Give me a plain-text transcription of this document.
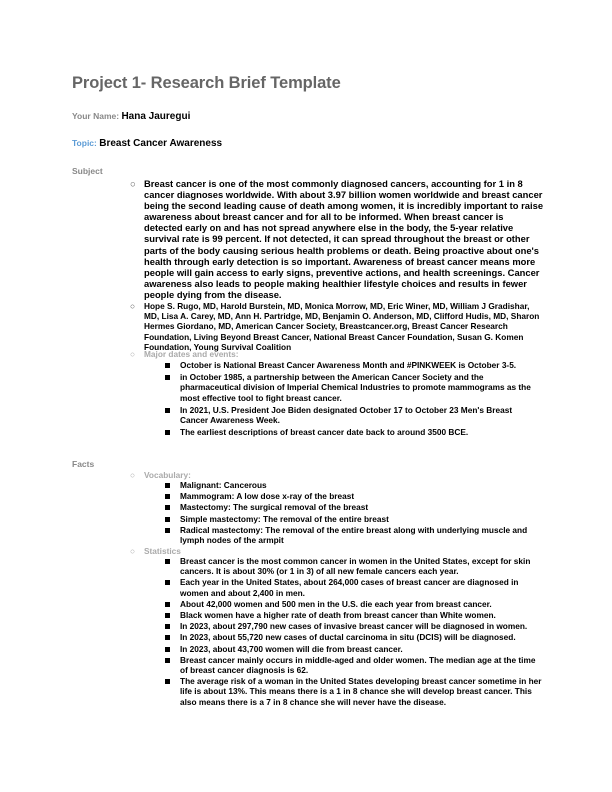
Project 1- Research Brief Template
Your Name: Hana Jauregui
Topic: Breast Cancer Awareness
Subject
○ Breast cancer is one of the most commonly diagnosed cancers, accounting for 1 in 8 cancer diagnoses worldwide. With about 3.97 billion women worldwide and breast cancer being the second leading cause of death among women, it is incredibly important to raise awareness about breast cancer and for all to be informed. When breast cancer is detected early on and has not spread anywhere else in the body, the 5-year relative survival rate is 99 percent. If not detected, it can spread throughout the breast or other parts of the body causing serious health problems or death. Being proactive about one's health through early detection is so important. Awareness of breast cancer means more people will gain access to early signs, preventive actions, and health screenings. Cancer awareness also leads to people making healthier lifestyle choices and results in fewer people dying from the disease.
○ Hope S. Rugo, MD, Harold Burstein, MD, Monica Morrow, MD, Eric Winer, MD, William J Gradishar, MD, Lisa A. Carey, MD, Ann H. Partridge, MD, Benjamin O. Anderson, MD, Clifford Hudis, MD, Sharon Hermes Giordano, MD, American Cancer Society, Breastcancer.org, Breast Cancer Research Foundation, Living Beyond Breast Cancer, National Breast Cancer Foundation, Susan G. Komen Foundation, Young Survival Coalition
○ Major dates and events:
October is National Breast Cancer Awareness Month and #PINKWEEK is October 3-5.
in October 1985, a partnership between the American Cancer Society and the pharmaceutical division of Imperial Chemical Industries to promote mammograms as the most effective tool to fight breast cancer.
In 2021, U.S. President Joe Biden designated October 17 to October 23 Men's Breast Cancer Awareness Week.
The earliest descriptions of breast cancer date back to around 3500 BCE.
Facts
○ Vocabulary:
Malignant: Cancerous
Mammogram: A low dose x-ray of the breast
Mastectomy: The surgical removal of the breast
Simple mastectomy: The removal of the entire breast
Radical mastectomy: The removal of the entire breast along with underlying muscle and lymph nodes of the armpit
○ Statistics
Breast cancer is the most common cancer in women in the United States, except for skin cancers. It is about 30% (or 1 in 3) of all new female cancers each year.
Each year in the United States, about 264,000 cases of breast cancer are diagnosed in women and about 2,400 in men.
About 42,000 women and 500 men in the U.S. die each year from breast cancer.
Black women have a higher rate of death from breast cancer than White women.
In 2023, about 297,790 new cases of invasive breast cancer will be diagnosed in women.
In 2023, about 55,720 new cases of ductal carcinoma in situ (DCIS) will be diagnosed.
In 2023, about 43,700 women will die from breast cancer.
Breast cancer mainly occurs in middle-aged and older women. The median age at the time of breast cancer diagnosis is 62.
The average risk of a woman in the United States developing breast cancer sometime in her life is about 13%. This means there is a 1 in 8 chance she will develop breast cancer. This also means there is a 7 in 8 chance she will never have the disease.
